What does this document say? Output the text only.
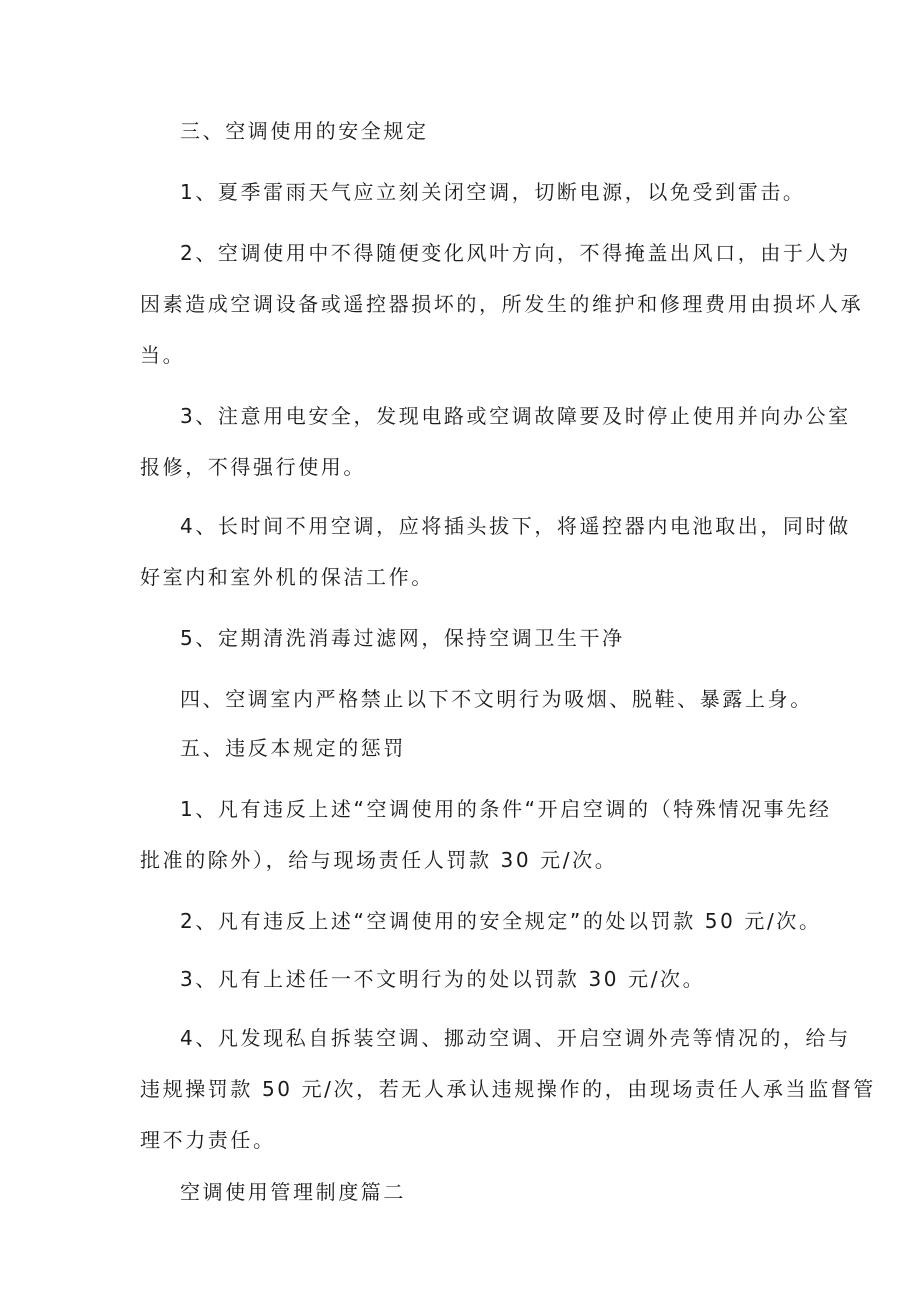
三、空调使用的安全规定
1、夏季雷雨天气应立刻关闭空调，切断电源，以免受到雷击。
2、空调使用中不得随便变化风叶方向，不得掩盖出风口，由于人为
因素造成空调设备或遥控器损坏的，所发生的维护和修理费用由损坏人承
当。
3、注意用电安全，发现电路或空调故障要及时停止使用并向办公室
报修，不得强行使用。
4、长时间不用空调，应将插头拔下，将遥控器内电池取出，同时做
好室内和室外机的保洁工作。
5、定期清洗消毒过滤网，保持空调卫生干净
四、空调室内严格禁止以下不文明行为吸烟、脱鞋、暴露上身。
五、违反本规定的惩罚
1、凡有违反上述“空调使用的条件“开启空调的（特殊情况事先经
批准的除外），给与现场责任人罚款 30 元/次。
2、凡有违反上述“空调使用的安全规定”的处以罚款 50 元/次。
3、凡有上述任一不文明行为的处以罚款 30 元/次。
4、凡发现私自拆装空调、挪动空调、开启空调外壳等情况的，给与
违规操罚款 50 元/次，若无人承认违规操作的，由现场责任人承当监督管
理不力责任。
空调使用管理制度篇二
